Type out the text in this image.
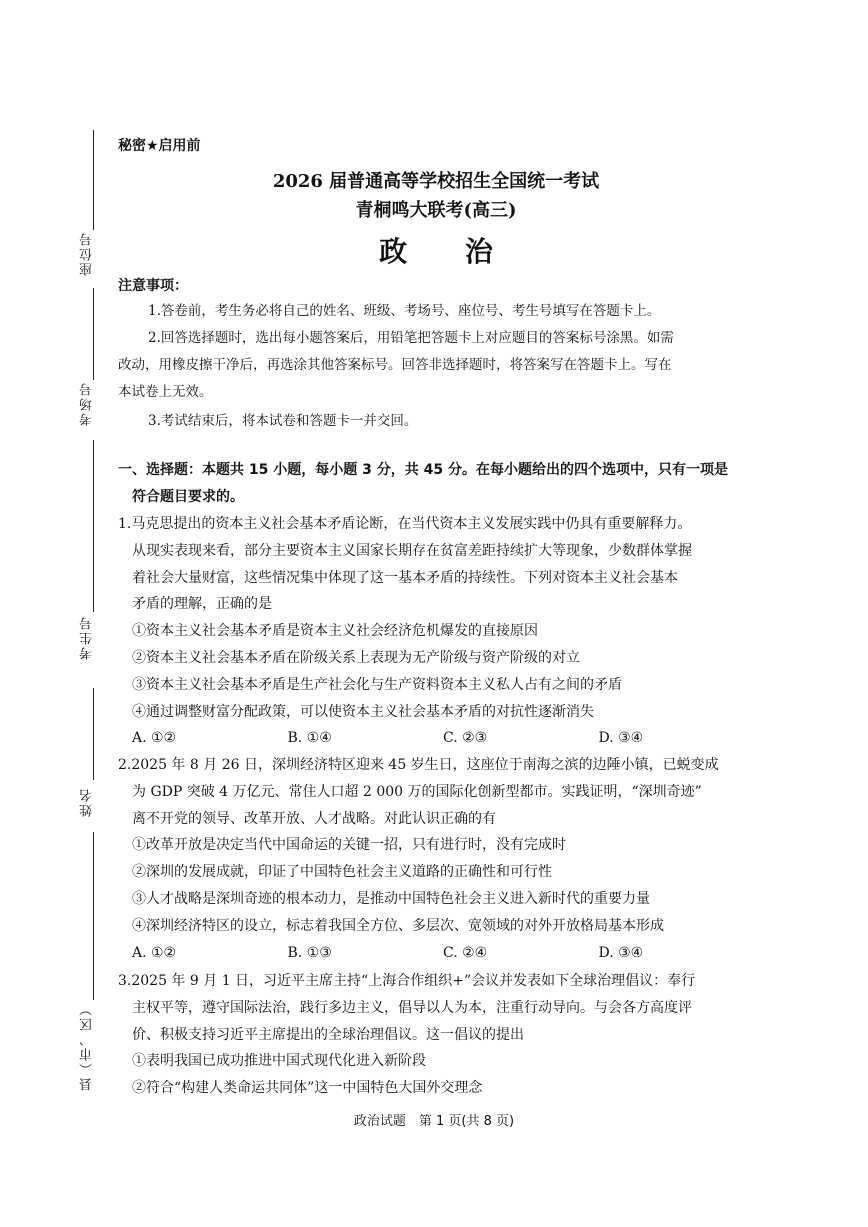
座位号
考场号
考生号
姓名
县（市、区）
秘密★启用前
2026 届普通高等学校招生全国统一考试
青桐鸣大联考(高三)
政 治
注意事项：
1.答卷前，考生务必将自己的姓名、班级、考场号、座位号、考生号填写在答题卡上。
2.回答选择题时，选出每小题答案后，用铅笔把答题卡上对应题目的答案标号涂黑。如需
改动，用橡皮擦干净后，再选涂其他答案标号。回答非选择题时，将答案写在答题卡上。写在
本试卷上无效。
3.考试结束后，将本试卷和答题卡一并交回。
一、选择题：本题共 15 小题，每小题 3 分，共 45 分。在每小题给出的四个选项中，只有一项是
符合题目要求的。
1.马克思提出的资本主义社会基本矛盾论断，在当代资本主义发展实践中仍具有重要解释力。
从现实表现来看，部分主要资本主义国家长期存在贫富差距持续扩大等现象，少数群体掌握
着社会大量财富，这些情况集中体现了这一基本矛盾的持续性。下列对资本主义社会基本
矛盾的理解，正确的是
①资本主义社会基本矛盾是资本主义社会经济危机爆发的直接原因
②资本主义社会基本矛盾在阶级关系上表现为无产阶级与资产阶级的对立
③资本主义社会基本矛盾是生产社会化与生产资料资本主义私人占有之间的矛盾
④通过调整财富分配政策，可以使资本主义社会基本矛盾的对抗性逐渐消失
A. ①②	B. ①④	C. ②③	D. ③④
2.2025 年 8 月 26 日，深圳经济特区迎来 45 岁生日，这座位于南海之滨的边陲小镇，已蜕变成
为 GDP 突破 4 万亿元、常住人口超 2 000 万的国际化创新型都市。实践证明，“深圳奇迹”
离不开党的领导、改革开放、人才战略。对此认识正确的有
①改革开放是决定当代中国命运的关键一招，只有进行时，没有完成时
②深圳的发展成就，印证了中国特色社会主义道路的正确性和可行性
③人才战略是深圳奇迹的根本动力，是推动中国特色社会主义进入新时代的重要力量
④深圳经济特区的设立，标志着我国全方位、多层次、宽领域的对外开放格局基本形成
A. ①②	B. ①③	C. ②④	D. ③④
3.2025 年 9 月 1 日，习近平主席主持“上海合作组织+”会议并发表如下全球治理倡议：奉行
主权平等，遵守国际法治，践行多边主义，倡导以人为本，注重行动导向。与会各方高度评
价、积极支持习近平主席提出的全球治理倡议。这一倡议的提出
①表明我国已成功推进中国式现代化进入新阶段
②符合“构建人类命运共同体”这一中国特色大国外交理念
政治试题　第 1 页(共 8 页)
